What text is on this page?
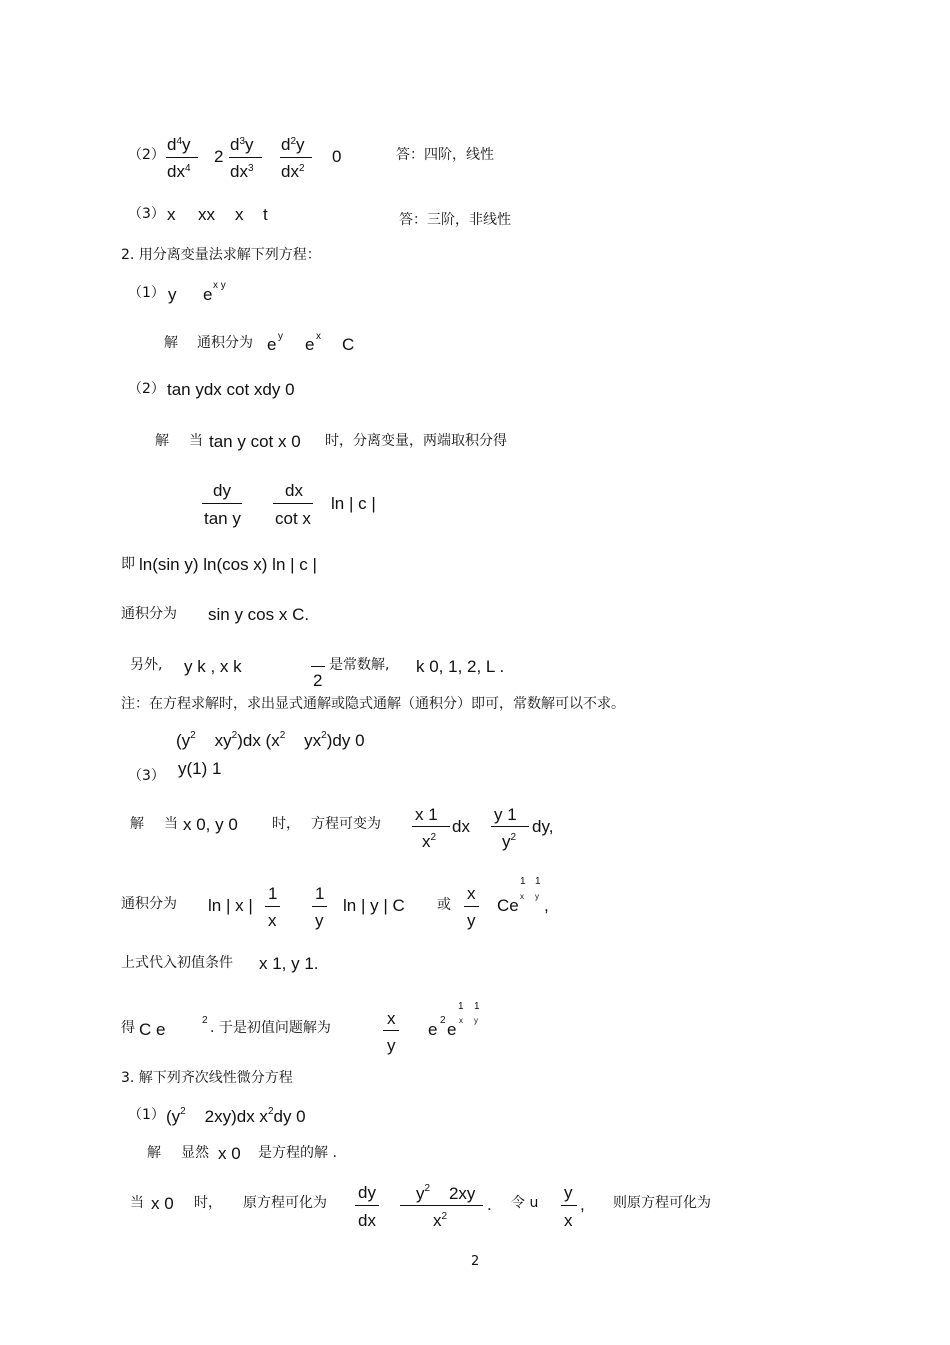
（2）
$d^4y$
$dx^4$
2
$d^3y$
$dx^3$
$d^2y$
$dx^2$
0	答：四阶，线性
（3） x xx x t	答：三阶，非线性
2. 用分离变量法求解下列方程：
（1） y e x y
解 通积分为 e y e x C
（2） tan ydx cot xdy 0
解 当 tan y cot x 0 时，分离变量，两端取积分得
dy
tan y
dx
cot x
ln | c |
即 ln(sin y) ln(cos x) ln | c |
通积分为 sin y cos x C.
另外, y k , x k
2
是常数解, k 0, 1, 2, L .
注：在方程求解时，求出显式通解或隐式通解（通积分）即可，常数解可以不求。
($y^2$ $xy^2)dx$ ($x^2$ $yx^2)dy$ 0
（3） y(1) 1
解 当 x 0, y 0 时， 方程可变为 x 1
$x^2$
dx
y 1
$y^2$
dy,
通积分为 ln | x |
1
x
1
y
ln | y | C 或
x
y
Ce
1
x
1
y ,
上式代入初值条件 x 1, y 1.
得 C e	2 . 于是初值问题解为	x
y
e 2 e
1
x
1
y
3. 解下列齐次线性微分方程
（1） ($y^2$ 2xy)dx $x^2dy$ 0
解 显然 x 0 是方程的解 .
当 x 0 时， 原方程可化为
dy
dx
$y^2$ 2xy
$x^2$
. 令 u
y
x
, 则原方程可化为
2
